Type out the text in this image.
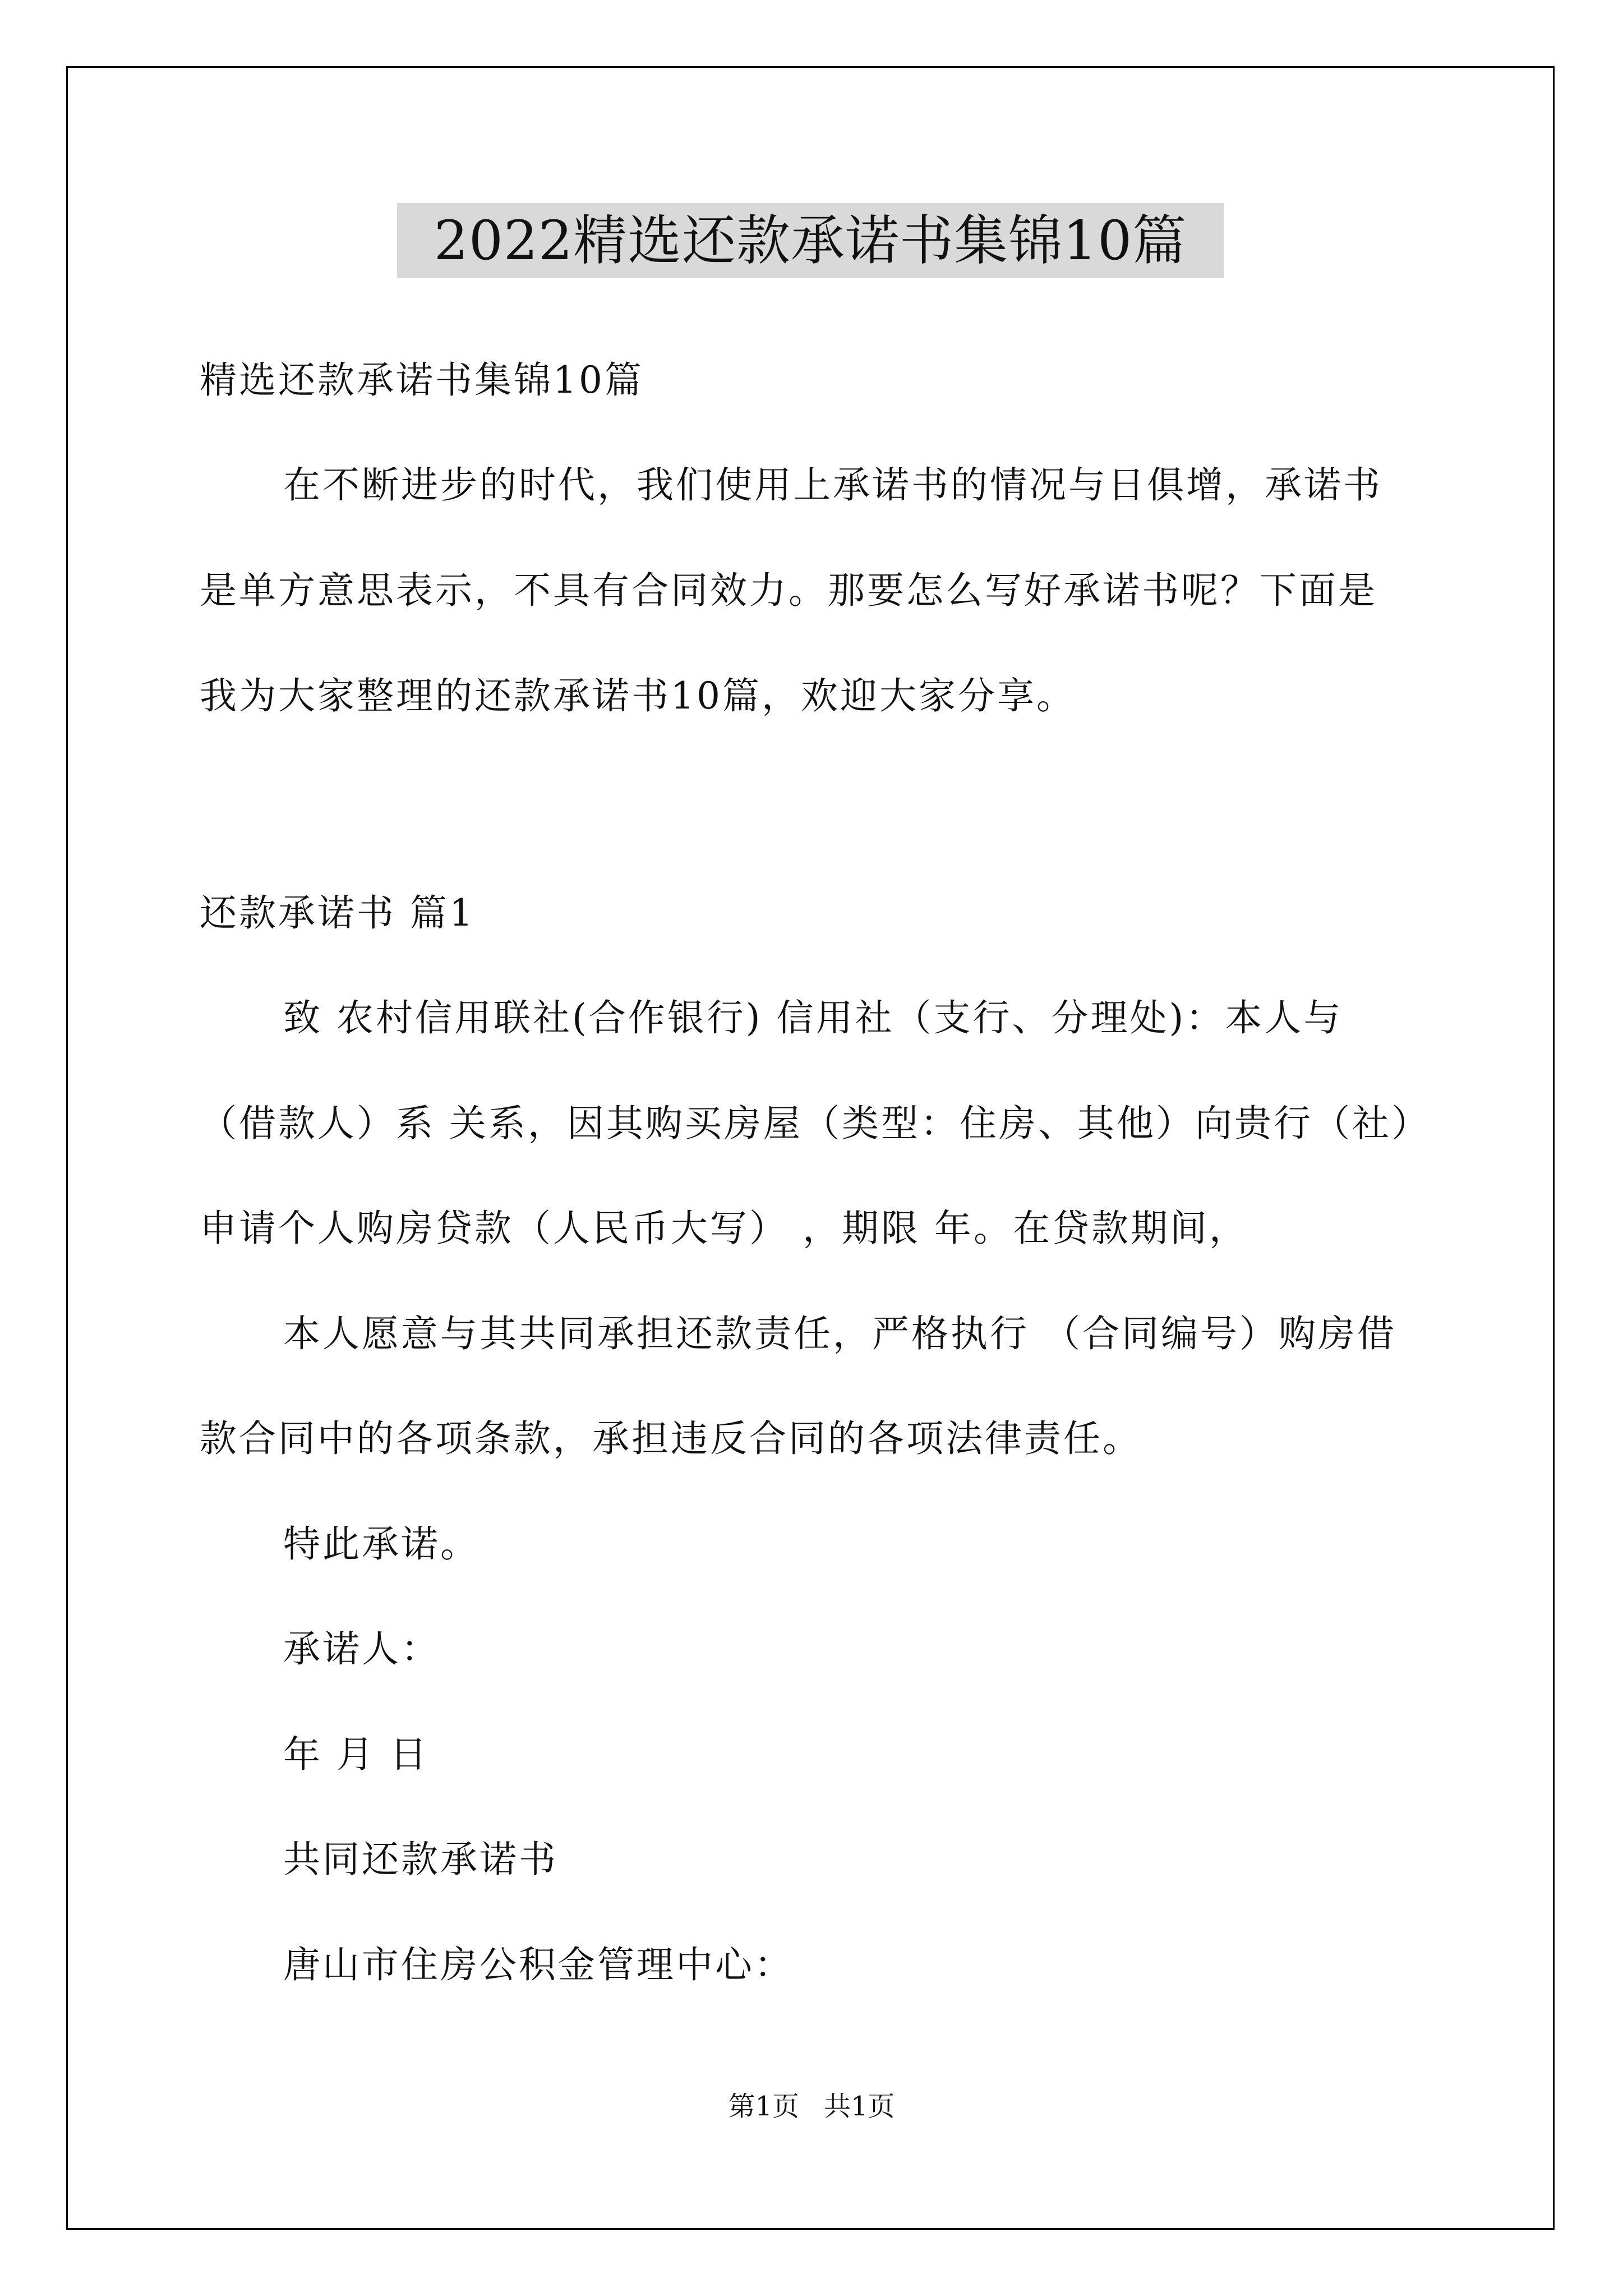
2022精选还款承诺书集锦10篇
精选还款承诺书集锦10篇
在不断进步的时代，我们使用上承诺书的情况与日俱增，承诺书
是单方意思表示，不具有合同效力。那要怎么写好承诺书呢？下面是
我为大家整理的还款承诺书10篇，欢迎大家分享。
还款承诺书 篇1
致 农村信用联社(合作银行) 信用社（支行、分理处)：本人与
（借款人）系 关系，因其购买房屋（类型：住房、其他）向贵行（社）
申请个人购房贷款（人民币大写） ，期限 年。在贷款期间，
本人愿意与其共同承担还款责任，严格执行 （合同编号）购房借
款合同中的各项条款，承担违反合同的各项法律责任。
特此承诺。
承诺人：
年 月 日
共同还款承诺书
唐山市住房公积金管理中心：
第1页 共1页
